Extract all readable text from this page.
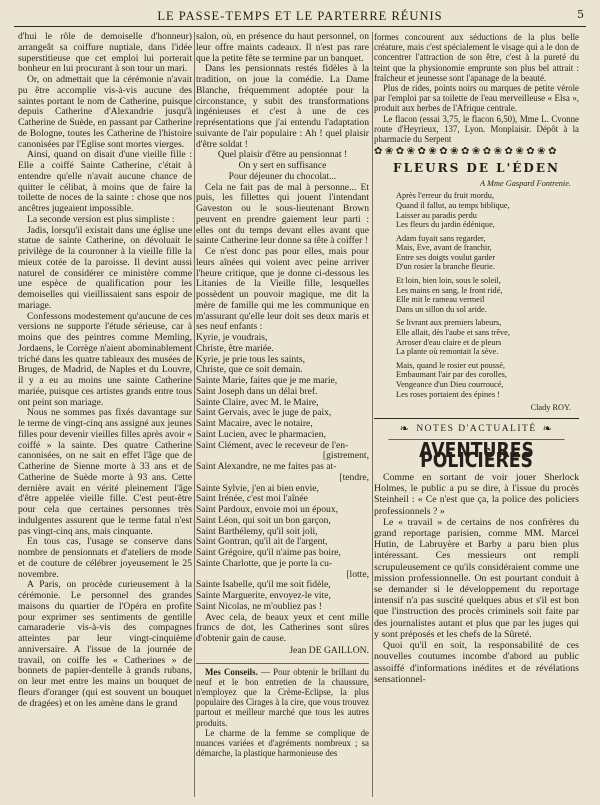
LE PASSE-TEMPS ET LE PARTERRE RÉUNIS	5

d'hui le rôle de demoiselle d'honneur) arrangeât sa coiffure nuptiale, dans l'idée superstitieuse que cet emploi lui porterait bonheur en lui procurant à son tour un mari.

Or, on admettait que la cérémonie n'avait pu être accomplie vis-à-vis aucune des saintes portant le nom de Catherine, puisque depuis Catherine d'Alexandrie jusqu'à Catherine de Suède, en passant par Catherine de Bologne, toutes les Catherine de l'histoire canonisées par l'Eglise sont mortes vierges.

Ainsi, quand on disait d'une vieille fille : Elle a coiffé Sainte Catherine, c'était à entendre qu'elle n'avait aucune chance de quitter le célibat, à moins que de faire la toilette de noces de la sainte : chose que nos ancêtres jugeaient impossible.

La seconde version est plus simpliste :

Jadis, lorsqu'il existait dans une église une statue de sainte Catherine, on dévoluait le privilège de la couronner à la vieille fille la mieux cotée de la paroisse. Il devint aussi naturel de considérer ce ministère comme une espèce de qualification pour les demoiselles qui vieillissaient sans espoir de mariage.

Confessons modestement qu'aucune de ces versions ne supporte l'étude sérieuse, car à moins que des peintres comme Memling, Jordaens, le Corrège n'aient abominablement triché dans les quatre tableaux des musées de Bruges, de Madrid, de Naples et du Louvre, il y a eu au moins une sainte Catherine mariée, puisque ces artistes grands entre tous ont peint son mariage.

Nous ne sommes pas fixés davantage sur le terme de vingt-cinq ans assigné aux jeunes filles pour devenir vieilles filles après avoir « coiffé » la sainte. Des quatre Catherine canonisées, on ne sait en effet l'âge que de Catherine de Sienne morte à 33 ans et de Catherine de Suède morte à 93 ans. Cette dernière avait en vérité pleinement l'âge d'être appelée vieille fille. C'est peut-être pour cela que certaines personnes très indulgentes assurent que le terme fatal n'est pas vingt-cinq ans, mais cinquante.

En tous cas, l'usage se conserve dans nombre de pensionnats et d'ateliers de mode et de couture de célébrer joyeusement le 25 novembre.

A Paris, on procède curieusement à la cérémonie. Le personnel des grandes maisons du quartier de l'Opéra en profite pour exprimer ses sentiments de gentille camaraderie vis-à-vis des compagnes atteintes par leur vingt-cinquième anniversaire. A l'issue de la journée de travail, on coiffe les « Catherines » de bonnets de papier-dentelle à grands rubans, on leur met entre les mains un bouquet de fleurs d'oranger (qui est souvent un bouquet de dragées) et on les amène dans le grand

salon, où, en présence du haut personnel, on leur offre maints cadeaux. Il n'est pas rare que la petite fête se termine par un banquet.

Dans les pensionnats restés fidèles à la tradition, on joue la comédie. La Dame Blanche, fréquemment adoptée pour la circonstance, y subit des transformations ingénieuses et c'est à une de ces représentations que j'ai entendu l'adaptation suivante de l'air populaire : Ah ! quel plaisir d'être soldat !

Quel plaisir d'être au pensionnat !
On y sert en suffisance
Pour déjeuner du chocolat...

Cela ne fait pas de mal à personne... Et puis, les fillettes qui jouent l'intendant Gaveston ou le sous-lieutenant Brown peuvent en prendre gaiement leur parti : elles ont du temps devant elles avant que sainte Catherine leur donne sa tête à coiffer !

Ce n'est donc pas pour elles, mais pour leurs aînées qui voient avec peine arriver l'heure critique, que je donne ci-dessous les Litanies de la Vieille fille, lesquelles possèdent un pouvoir magique, me dit la mère de famille qui me les communique en m'assurant qu'elle leur doit ses deux maris et ses neuf enfants :

Kyrie, je voudrais,
Christe, être mariée.
Kyrie, je prie tous les saints,
Christe, que ce soit demain.
Sainte Marie, faites que je me marie,
Saint Joseph dans un délai bref.
Sainte Claire, avec M. le Maire,
Saint Gervais, avec le juge de paix,
Saint Macaire, avec le notaire,
Saint Lucien, avec le pharmacien,
Saint Clément, avec le receveur de l'en-
[gistrement,
Saint Alexandre, ne me faites pas at-
[tendre,
Sainte Sylvie, j'en ai bien envie,
Saint Irénée, c'est moi l'aînée
Saint Pardoux, envoie moi un époux,
Saint Léon, qui soit un bon garçon,
Saint Barthélemy, qu'il soit joli,
Saint Gontran, qu'il ait de l'argent,
Saint Grégoire, qu'il n'aime pas boire,
Sainte Charlotte, que je porte la cu-
[lotte,
Sainte Isabelle, qu'il me soit fidèle,
Sainte Marguerite, envoyez-le vite,
Saint Nicolas, ne m'oubliez pas !

Avec cela, de beaux yeux et cent mille francs de dot, les Catherines sont sûres d'obtenir gain de cause.

Jean DE GAILLON.

Mes Conseils. — Pour obtenir le brillant du neuf et le bon entretien de la chaussure, n'employez que la Crème-Eclipse, la plus populaire des Cirages à la cire, que vous trouvez partout et meilleur marché que tous les autres produits.

Le charme de la femme se complique de nuances variées et d'agréments nombreux ; sa démarche, la plastique harmonieuse des

formes concourent aux séductions de la plus belle créature, mais c'est spécialement le visage qui a le don de concentrer l'attraction de son être, c'est à la pureté du teint que la physionomie emprunte son plus bel attrait : fraîcheur et jeunesse sont l'apanage de la beauté.

Plus de rides, points noirs ou marques de petite vérole par l'emploi par sa toilette de l'eau merveilleuse « Elsa », produit aux herbes de l'Afrique centrale.

Le flacon (essai 3,75, le flacon 6,50), Mme L. Cvonne route d'Heyrieux, 137, Lyon. Monplaisir. Dépôt à la pharmacie du Serpent

✿ ❀ ✿ ❀ ✿ ❀ ✿ ❀ ✿ ❀ ✿ ❀ ✿ ❀ ✿ ❀ ✿
FLEURS DE L'ÉDEN
A Mme Gaspard Fontrenie.
Après l'erreur du fruit mordu,
Quand il fallut, au temps biblique,
Laisser au paradis perdu
Les fleurs du jardin édénique,
Adam fuyait sans regarder,
Mais, Eve, avant de franchir,
Entre ses doigts voulut garder
D'un rosier la branche fleurie.
Et loin, bien loin, sous le soleil,
Les mains en sang, le front ridé,
Elle mit le rameau vermeil
Dans un sillon du sol aride.
Se livrant aux premiers labeurs,
Elle allait, dès l'aube et sans trêve,
Arroser d'eau claire et de pleurs
La plante où remontait la sève.
Mais, quand le rosier eut poussé,
Embaumant l'air par des corolles,
Vengeance d'un Dieu courroucé,
Les roses portaient des épines !
Clady ROY.
❧ NOTES D'ACTUALITÉ ❧
AVENTURES POLICIÈRES

Comme en sortant de voir jouer Sherlock Holmes, le public a pu se dire, à l'issue du procès Steinheil : « Ce n'est que ça, la police des policiers professionnels ? »

Le « travail » de certains de nos confrères du grand reportage parisien, comme MM. Marcel Hutin, de Labruyère et Barby a paru bien plus intéressant. Ces messieurs ont rempli scrupuleusement ce qu'ils considéraient comme une mission professionnelle. On est pourtant conduit à se demander si le développement du reportage intensif n'a pas suscité quelques abus et s'il est bon que l'instruction des procès criminels soit faite par des journalistes autant et plus que par les juges qui y sont préposés et les chefs de la Sûreté.

Quoi qu'il en soit, la responsabilité de ces nouvelles coutumes incombe d'abord au public assoiffé d'informations inédites et de révélations sensationnel-
